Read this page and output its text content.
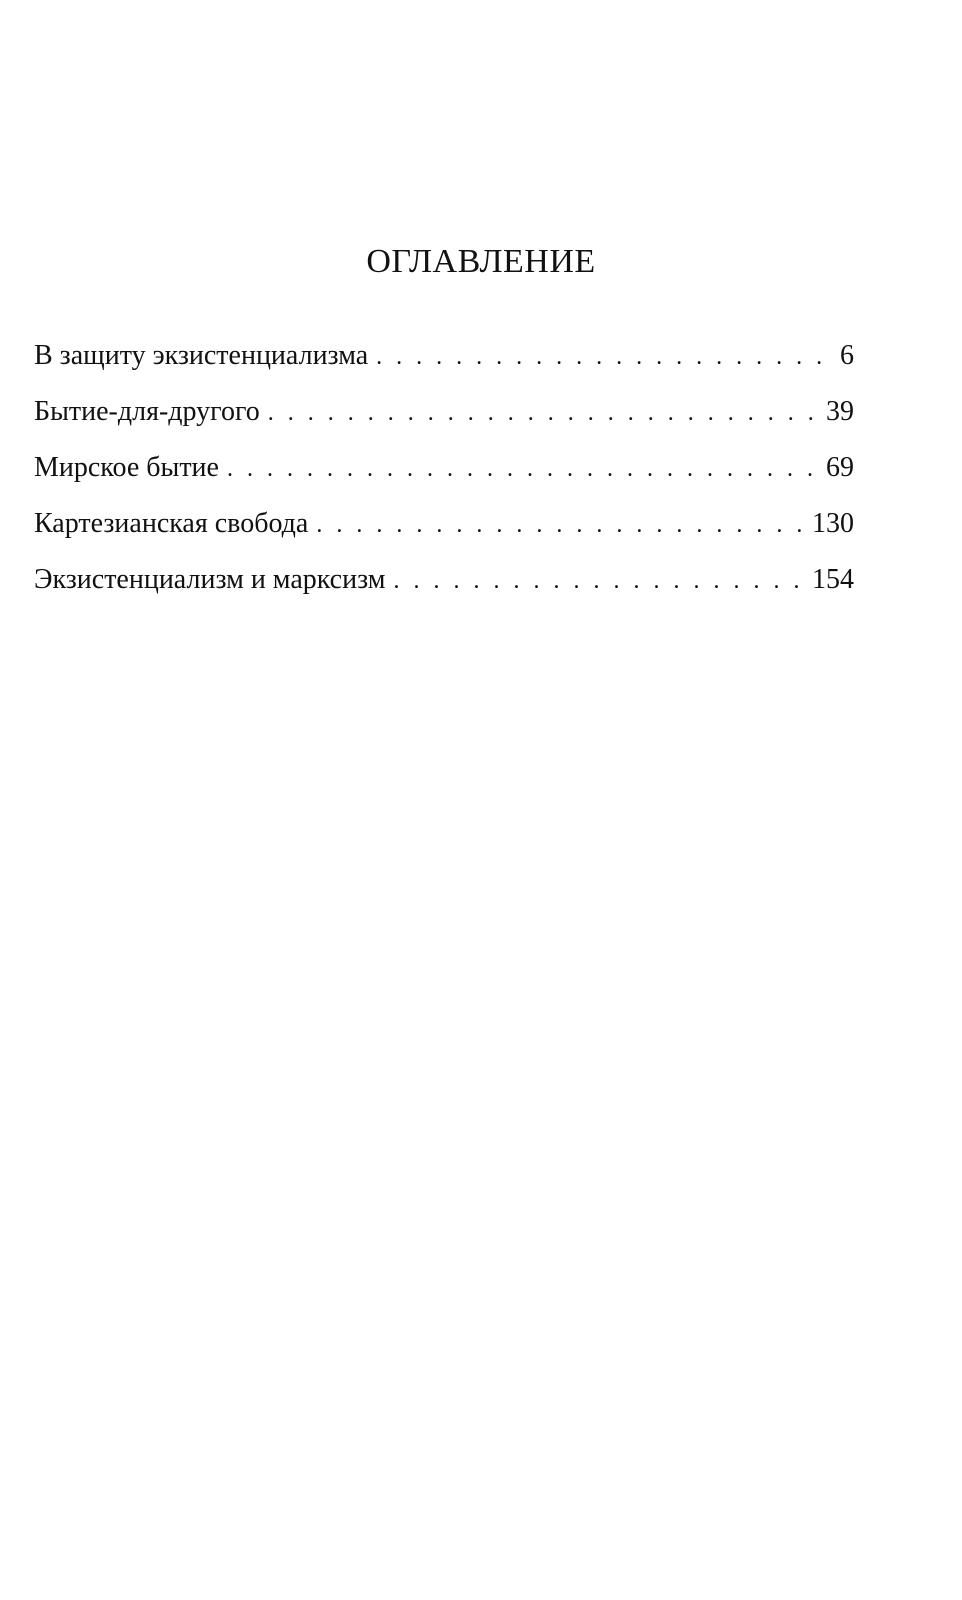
ОГЛАВЛЕНИЕ
В защиту экзистенциализма . . .	6
Бытие-для-другого . . .	39
Мирское бытие . . .	69
Картезианская свобода . . .	130
Экзистенциализм и марксизм . . .	154
